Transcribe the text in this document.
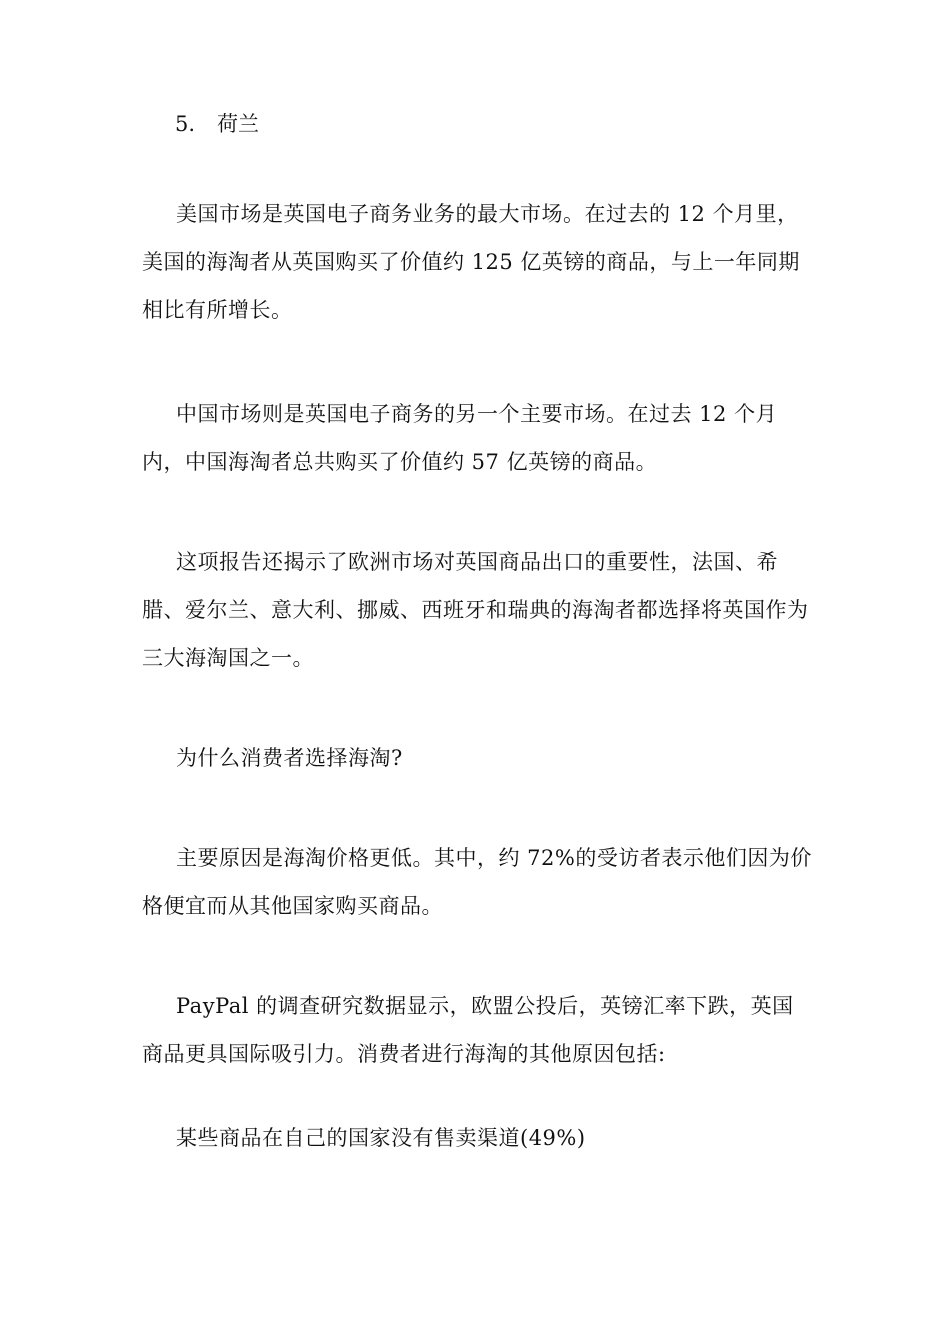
5. 荷兰

美国市场是英国电子商务业务的最大市场。在过去的 12 个月里，美国的海淘者从英国购买了价值约 125 亿英镑的商品，与上一年同期相比有所增长。

中国市场则是英国电子商务的另一个主要市场。在过去 12 个月内，中国海淘者总共购买了价值约 57 亿英镑的商品。

这项报告还揭示了欧洲市场对英国商品出口的重要性，法国、希腊、爱尔兰、意大利、挪威、西班牙和瑞典的海淘者都选择将英国作为三大海淘国之一。

为什么消费者选择海淘?

主要原因是海淘价格更低。其中，约 72%的受访者表示他们因为价格便宜而从其他国家购买商品。

PayPal 的调查研究数据显示，欧盟公投后，英镑汇率下跌，英国商品更具国际吸引力。消费者进行海淘的其他原因包括:

某些商品在自己的国家没有售卖渠道(49%)
